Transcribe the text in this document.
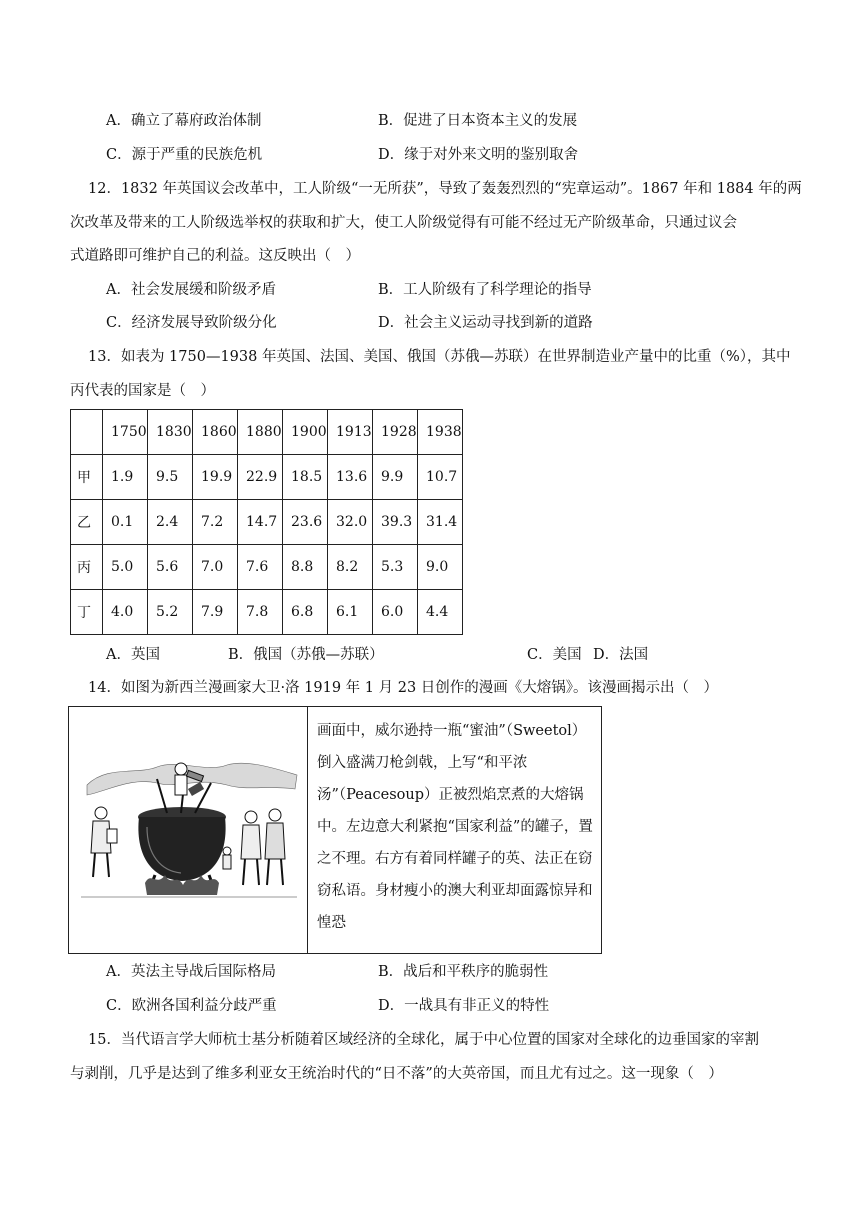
A．确立了幕府政治体制	B．促进了日本资本主义的发展
C．源于严重的民族危机	D．缘于对外来文明的鉴别取舍
12．1832 年英国议会改革中，工人阶级“一无所获”，导致了轰轰烈烈的“宪章运动”。1867 年和 1884 年的两
次改革及带来的工人阶级选举权的获取和扩大，使工人阶级觉得有可能不经过无产阶级革命，只通过议会
式道路即可维护自己的利益。这反映出（　）
A．社会发展缓和阶级矛盾	B．工人阶级有了科学理论的指导
C．经济发展导致阶级分化	D．社会主义运动寻找到新的道路
13．如表为 1750—1938 年英国、法国、美国、俄国（苏俄—苏联）在世界制造业产量中的比重（%），其中
丙代表的国家是（　）
	1750	1830	1860	1880	1900	1913	1928	1938
甲	1.9	9.5	19.9	22.9	18.5	13.6	9.9	10.7
乙	0.1	2.4	7.2	14.7	23.6	32.0	39.3	31.4
丙	5.0	5.6	7.0	7.6	8.8	8.2	5.3	9.0
丁	4.0	5.2	7.9	7.8	6.8	6.1	6.0	4.4
A．英国	B．俄国（苏俄—苏联）	C．美国 D．法国
14．如图为新西兰漫画家大卫·洛 1919 年 1 月 23 日创作的漫画《大熔锅》。该漫画揭示出（　）
画面中，威尔逊持一瓶“蜜油”（Sweetol）倒入盛满刀枪剑戟，上写“和平浓汤”（Peacesoup）正被烈焰烹煮的大熔锅中。左边意大利紧抱“国家利益”的罐子，置之不理。右方有着同样罐子的英、法正在窃窃私语。身材瘦小的澳大利亚却面露惊异和惶恐
A．英法主导战后国际格局	B．战后和平秩序的脆弱性
C．欧洲各国利益分歧严重	D．一战具有非正义的特性
15．当代语言学大师杭士基分析随着区域经济的全球化，属于中心位置的国家对全球化的边垂国家的宰割
与剥削，几乎是达到了维多利亚女王统治时代的“日不落”的大英帝国，而且尤有过之。这一现象（　）
